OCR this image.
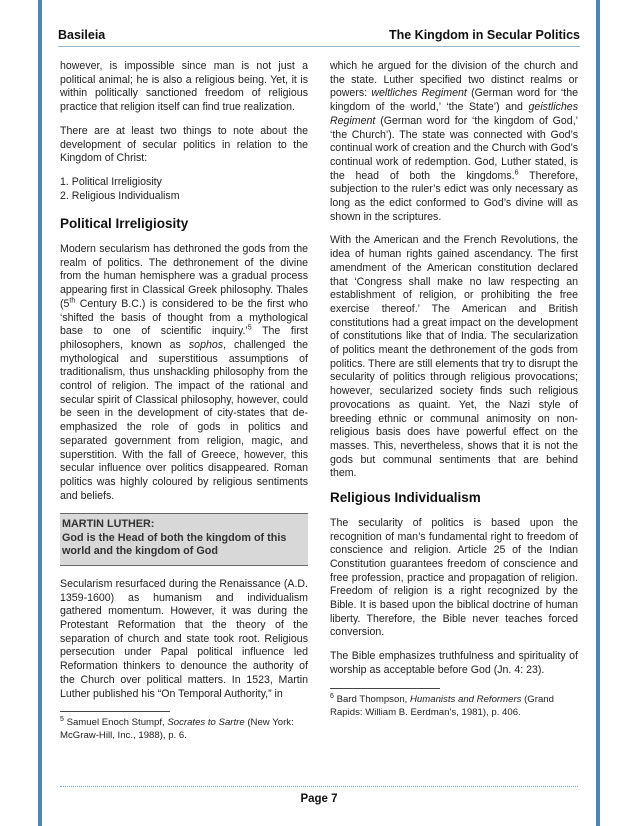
Basileia	The Kingdom in Secular Politics

however, is impossible since man is not just a political animal; he is also a religious being. Yet, it is within politically sanctioned freedom of religious practice that religion itself can find true realization.

There are at least two things to note about the development of secular politics in relation to the Kingdom of Christ:

1. Political Irreligiosity
2. Religious Individualism
Political Irreligiosity

Modern secularism has dethroned the gods from the realm of politics. The dethronement of the divine from the human hemisphere was a gradual process appearing first in Classical Greek philosophy. Thales (5th Century B.C.) is considered to be the first who ‘shifted the basis of thought from a mythological base to one of scientific inquiry.’$^5$ The first philosophers, known as sophos, challenged the mythological and superstitious assumptions of traditionalism, thus unshackling philosophy from the control of religion. The impact of the rational and secular spirit of Classical philosophy, however, could be seen in the development of city-states that de-emphasized the role of gods in politics and separated government from religion, magic, and superstition. With the fall of Greece, however, this secular influence over politics disappeared. Roman politics was highly coloured by religious sentiments and beliefs.

MARTIN LUTHER:
God is the Head of both the kingdom of this world and the kingdom of God

Secularism resurfaced during the Renaissance (A.D. 1359-1600) as humanism and individualism gathered momentum. However, it was during the Protestant Reformation that the theory of the separation of church and state took root. Religious persecution under Papal political influence led Reformation thinkers to denounce the authority of the Church over political matters. In 1523, Martin Luther published his “On Temporal Authority,” in

$^5$ Samuel Enoch Stumpf, Socrates to Sartre (New York: McGraw-Hill, Inc., 1988), p. 6.

which he argued for the division of the church and the state. Luther specified two distinct realms or powers: weltliches Regiment (German word for ‘the kingdom of the world,’ ‘the State’) and geistliches Regiment (German word for ‘the kingdom of God,’ ‘the Church’). The state was connected with God’s continual work of creation and the Church with God’s continual work of redemption. God, Luther stated, is the head of both the kingdoms.$^6$ Therefore, subjection to the ruler’s edict was only necessary as long as the edict conformed to God’s divine will as shown in the scriptures.

With the American and the French Revolutions, the idea of human rights gained ascendancy. The first amendment of the American constitution declared that ‘Congress shall make no law respecting an establishment of religion, or prohibiting the free exercise thereof.’ The American and British constitutions had a great impact on the development of constitutions like that of India. The secularization of politics meant the dethronement of the gods from politics. There are still elements that try to disrupt the secularity of politics through religious provocations; however, secularized society finds such religious provocations as quaint. Yet, the Nazi style of breeding ethnic or communal animosity on non-religious basis does have powerful effect on the masses. This, nevertheless, shows that it is not the gods but communal sentiments that are behind them.

Religious Individualism

The secularity of politics is based upon the recognition of man’s fundamental right to freedom of conscience and religion. Article 25 of the Indian Constitution guarantees freedom of conscience and free profession, practice and propagation of religion. Freedom of religion is a right recognized by the Bible. It is based upon the biblical doctrine of human liberty. Therefore, the Bible never teaches forced conversion.

The Bible emphasizes truthfulness and spirituality of worship as acceptable before God (Jn. 4: 23).

$^6$ Bard Thompson, Humanists and Reformers (Grand Rapids: William B. Eerdman’s, 1981), p. 406.
Page 7
